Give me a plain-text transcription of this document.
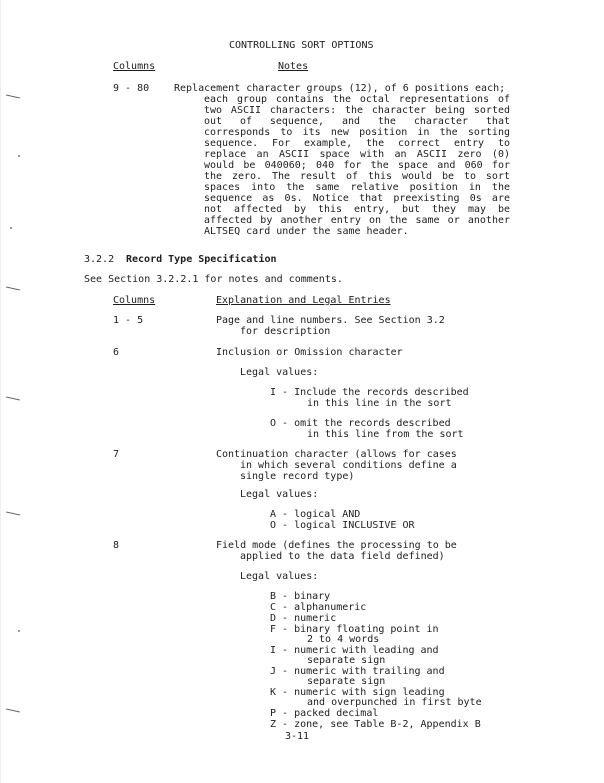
CONTROLLING SORT OPTIONS
Columns	Notes
9 - 80 Replacement character groups (12), of 6 positions each;
each group contains the octal representations of
two ASCII characters: the character being sorted
out of sequence, and the character that
corresponds to its new position in the sorting
sequence. For example, the correct entry to
replace an ASCII space with an ASCII zero (0)
would be 040060; 040 for the space and 060 for
the zero. The result of this would be to sort
spaces into the same relative position in the
sequence as 0s. Notice that preexisting 0s are
not affected by this entry, but they may be
affected by another entry on the same or another
ALTSEQ card under the same header.
3.2.2 Record Type Specification
See Section 3.2.2.1 for notes and comments.
Columns	Explanation and Legal Entries
1 - 5	Page and line numbers. See Section 3.2
for description
6	Inclusion or Omission character
Legal values:
I - Include the records described
in this line in the sort
O - omit the records described
in this line from the sort
7	Continuation character (allows for cases
in which several conditions define a
single record type)
Legal values:
A - logical AND
O - logical INCLUSIVE OR
8	Field mode (defines the processing to be
applied to the data field defined)
Legal values:
B - binary
C - alphanumeric
D - numeric
F - binary floating point in
2 to 4 words
I - numeric with leading and
separate sign
J - numeric with trailing and
separate sign
K - numeric with sign leading
and overpunched in first byte
P - packed decimal
Z - zone, see Table B-2, Appendix B
3-11
